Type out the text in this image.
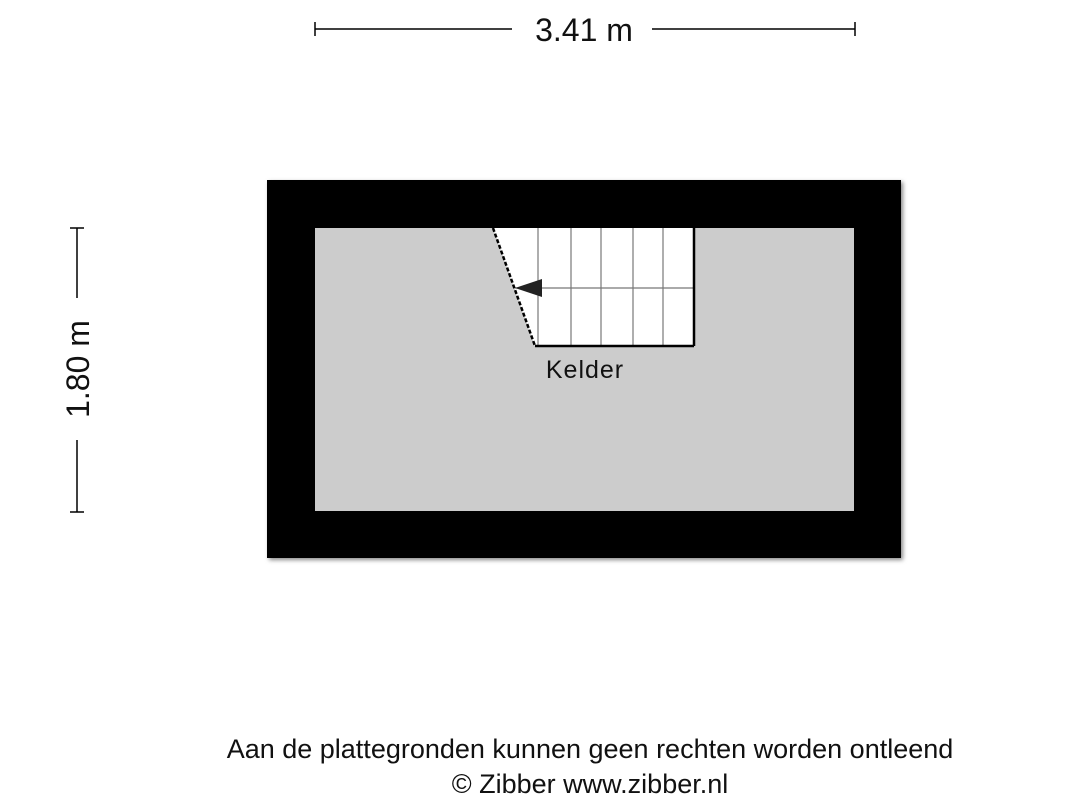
3.41 m
1.80 m	Kelder
Aan de plattegronden kunnen geen rechten worden ontleend
© Zibber www.zibber.nl
